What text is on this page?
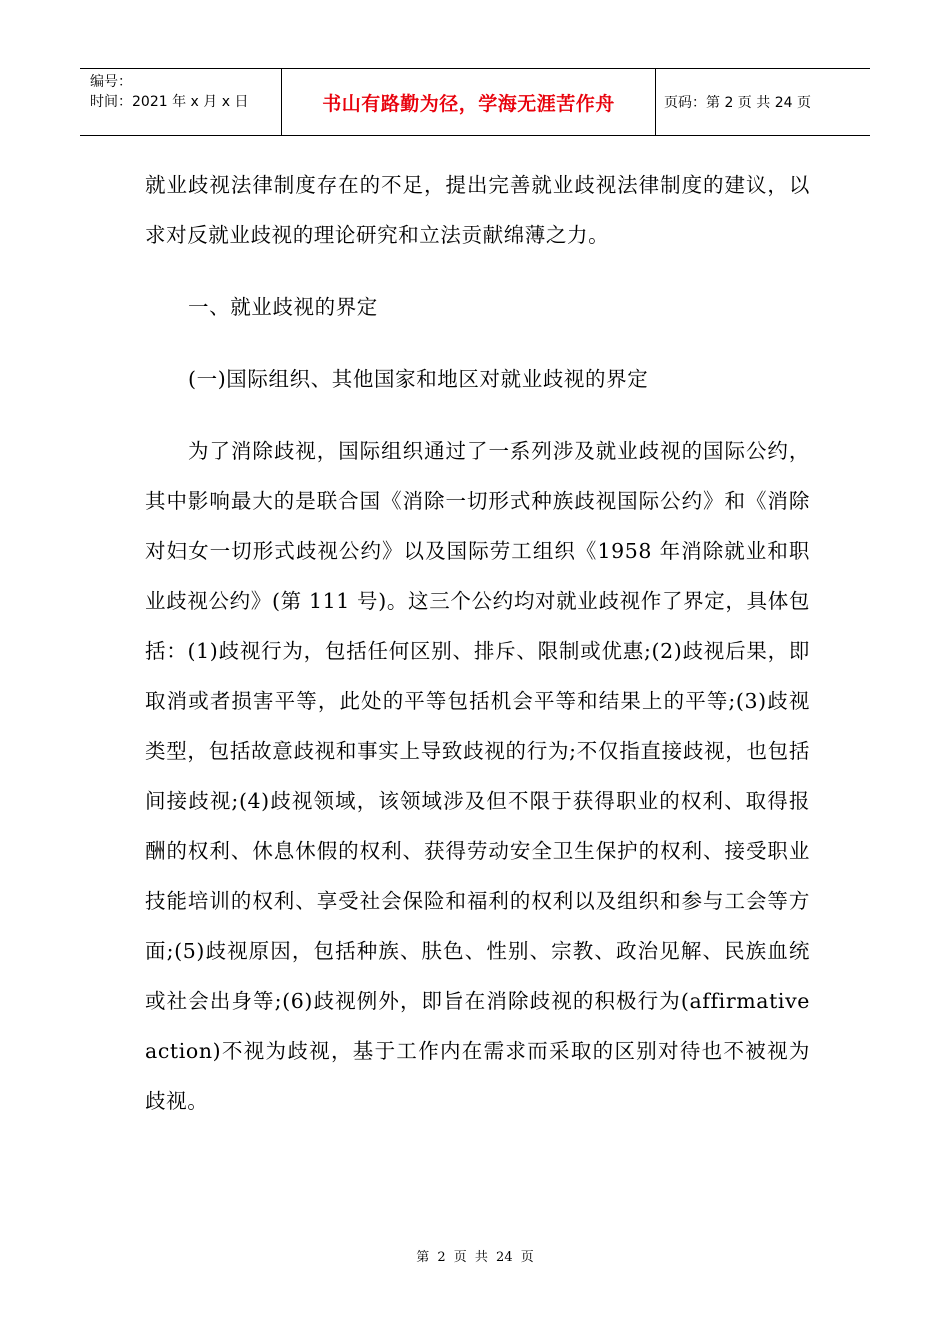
编号：
时间：2021 年 x 月 x 日	书山有路勤为径，学海无涯苦作舟	页码：第 2 页 共 24 页

就业歧视法律制度存在的不足，提出完善就业歧视法律制度的建议，以求对反就业歧视的理论研究和立法贡献绵薄之力。

一、就业歧视的界定

(一)国际组织、其他国家和地区对就业歧视的界定

为了消除歧视，国际组织通过了一系列涉及就业歧视的国际公约，其中影响最大的是联合国《消除一切形式种族歧视国际公约》和《消除对妇女一切形式歧视公约》以及国际劳工组织《1958 年消除就业和职业歧视公约》(第 111 号)。这三个公约均对就业歧视作了界定，具体包括：(1)歧视行为，包括任何区别、排斥、限制或优惠;(2)歧视后果，即取消或者损害平等，此处的平等包括机会平等和结果上的平等;(3)歧视类型，包括故意歧视和事实上导致歧视的行为;不仅指直接歧视，也包括间接歧视;(4)歧视领域，该领域涉及但不限于获得职业的权利、取得报酬的权利、休息休假的权利、获得劳动安全卫生保护的权利、接受职业技能培训的权利、享受社会保险和福利的权利以及组织和参与工会等方面;(5)歧视原因，包括种族、肤色、性别、宗教、政治见解、民族血统或社会出身等;(6)歧视例外，即旨在消除歧视的积极行为(affirmative action)不视为歧视，基于工作内在需求而采取的区别对待也不被视为歧视。

第 2 页 共 24 页
